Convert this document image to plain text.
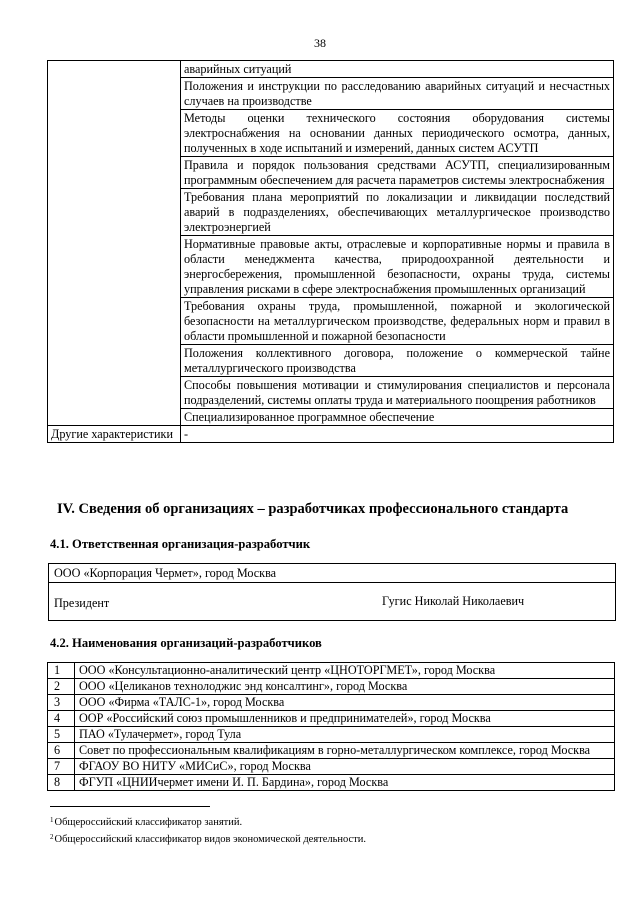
38
	аварийных ситуаций
	Положения и инструкции по расследованию аварийных ситуаций и несчастных случаев на производстве
	Методы оценки технического состояния оборудования системы электроснабжения на основании данных периодического осмотра, данных, полученных в ходе испытаний и измерений, данных систем АСУТП
	Правила и порядок пользования средствами АСУТП, специализированным программным обеспечением для расчета параметров системы электроснабжения
	Требования плана мероприятий по локализации и ликвидации последствий аварий в подразделениях, обеспечивающих металлургическое производство электроэнергией
	Нормативные правовые акты, отраслевые и корпоративные нормы и правила в области менеджмента качества, природоохранной деятельности и энергосбережения, промышленной безопасности, охраны труда, системы управления рисками в сфере электроснабжения промышленных организаций
	Требования охраны труда, промышленной, пожарной и экологической безопасности на металлургическом производстве, федеральных норм и правил в области промышленной и пожарной безопасности
	Положения коллективного договора, положение о коммерческой тайне металлургического производства
	Способы повышения мотивации и стимулирования специалистов и персонала подразделений, системы оплаты труда и материального поощрения работников
	Специализированное программное обеспечение
Другие характеристики	-
IV. Сведения об организациях – разработчиках профессионального стандарта
4.1. Ответственная организация-разработчик
ООО «Корпорация Чермет», город Москва
Президент	Гугис Николай Николаевич
4.2. Наименования организаций-разработчиков
1	ООО «Консультационно-аналитический центр «ЦНОТОРГМЕТ», город Москва
2	ООО «Целиканов технолоджис энд консалтинг», город Москва
3	ООО «Фирма «ТАЛС-1», город Москва
4	ООР «Российский союз промышленников и предпринимателей», город Москва
5	ПАО «Тулачермет», город Тула
6	Совет по профессиональным квалификациям в горно-металлургическом комплексе, город Москва
7	ФГАОУ ВО НИТУ «МИСиС», город Москва
8	ФГУП «ЦНИИчермет имени И. П. Бардина», город Москва
$^1$Общероссийский классификатор занятий.
$^2$Общероссийский классификатор видов экономической деятельности.
